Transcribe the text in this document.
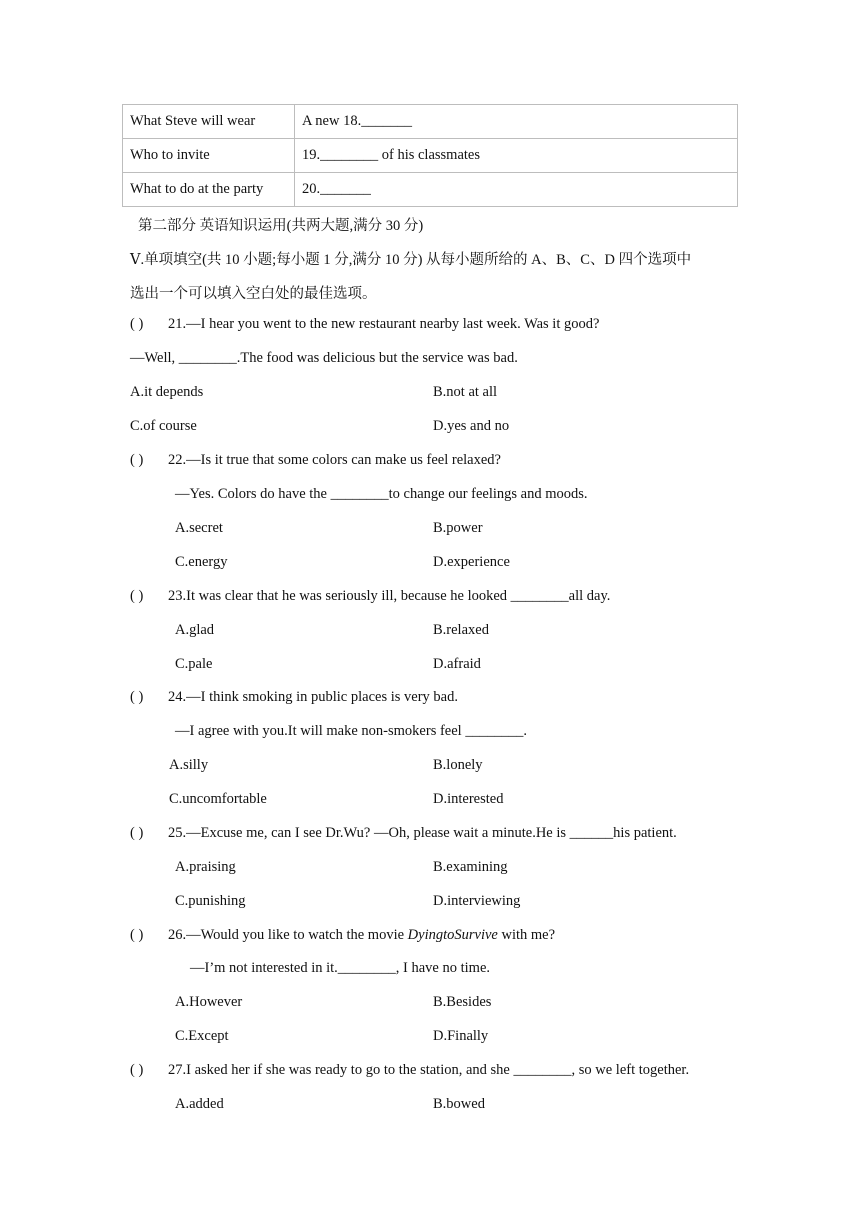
What Steve will wear	A new 18._______
Who to invite	19.________ of his classmates
What to do at the party	20._______
第二部分 英语知识运用(共两大题,满分 30 分)
Ⅴ.单项填空(共 10 小题;每小题 1 分,满分 10 分) 从每小题所给的 A、B、C、D 四个选项中
选出一个可以填入空白处的最佳选项。
( ) 21.—I hear you went to the new restaurant nearby last week. Was it good?
—Well, ________.The food was delicious but the service was bad.
A.it depends	B.not at all
C.of course	D.yes and no
( ) 22.—Is it true that some colors can make us feel relaxed?
—Yes. Colors do have the ________to change our feelings and moods.
A.secret	B.power
C.energy	D.experience
( ) 23.It was clear that he was seriously ill, because he looked ________all day.
A.glad	B.relaxed
C.pale	D.afraid
( ) 24.—I think smoking in public places is very bad.
—I agree with you.It will make non-smokers feel ________.
A.silly	B.lonely
C.uncomfortable	D.interested
( ) 25.—Excuse me, can I see Dr.Wu? —Oh, please wait a minute.He is ______his patient.
A.praising	B.examining
C.punishing	D.interviewing
( ) 26.—Would you like to watch the movie DyingtoSurvive with me?
—I’m not interested in it.________, I have no time.
A.However	B.Besides
C.Except	D.Finally
( ) 27.I asked her if she was ready to go to the station, and she ________, so we left together.
A.added	B.bowed
